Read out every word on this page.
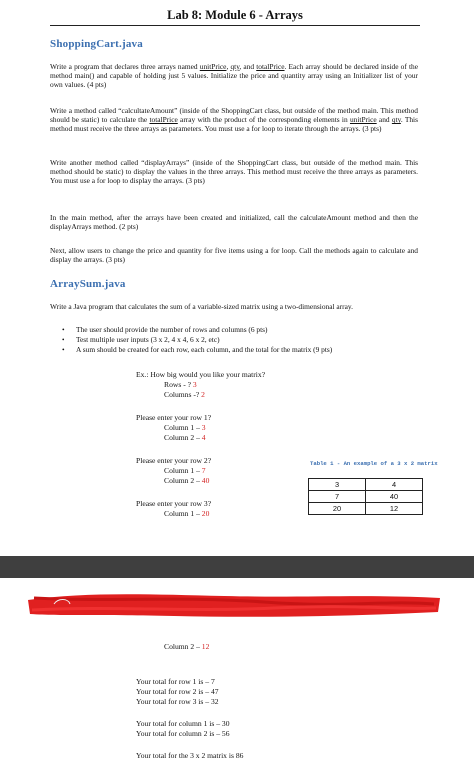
Lab 8: Module 6 - Arrays
ShoppingCart.java
Write a program that declares three arrays named unitPrice, qty, and totalPrice. Each array should be declared inside of the method main() and capable of holding just 5 values. Initialize the price and quantity array using an Initializer list of your own values. (4 pts)
Write a method called “calcultateAmount” (inside of the ShoppingCart class, but outside of the method main. This method should be static) to calculate the totalPrice array with the product of the corresponding elements in unitPrice and qty. This method must receive the three arrays as parameters. You must use a for loop to iterate through the arrays. (3 pts)
Write another method called “displayArrays” (inside of the ShoppingCart class, but outside of the method main. This method should be static) to display the values in the three arrays. This method must receive the three arrays as parameters. You must use a for loop to display the arrays. (3 pts)
In the main method, after the arrays have been created and initialized, call the calculateAmount method and then the displayArrays method. (2 pts)
Next, allow users to change the price and quantity for five items using a for loop. Call the methods again to calculate and display the arrays. (3 pts)
ArraySum.java
Write a Java program that calculates the sum of a variable-sized matrix using a two-dimensional array.
• The user should provide the number of rows and columns (6 pts)
• Test multiple user inputs (3 x 2, 4 x 4, 6 x 2, etc)
• A sum should be created for each row, each column, and the total for the matrix (9 pts)
Ex.: How big would you like your matrix?
Rows - ? 3
Columns -? 2
Please enter your row 1?
Column 1 – 3
Column 2 – 4
Please enter your row 2?
Column 1 – 7
Column 2 – 40
Please enter your row 3?
Column 1 – 20
Table 1 - An example of a 3 x 2 matrix
3	4
7	40
20	12
Column 2 – 12
Your total for row 1 is – 7
Your total for row 2 is – 47
Your total for row 3 is – 32
Your total for column 1 is – 30
Your total for column 2 is – 56
Your total for the 3 x 2 matrix is 86
